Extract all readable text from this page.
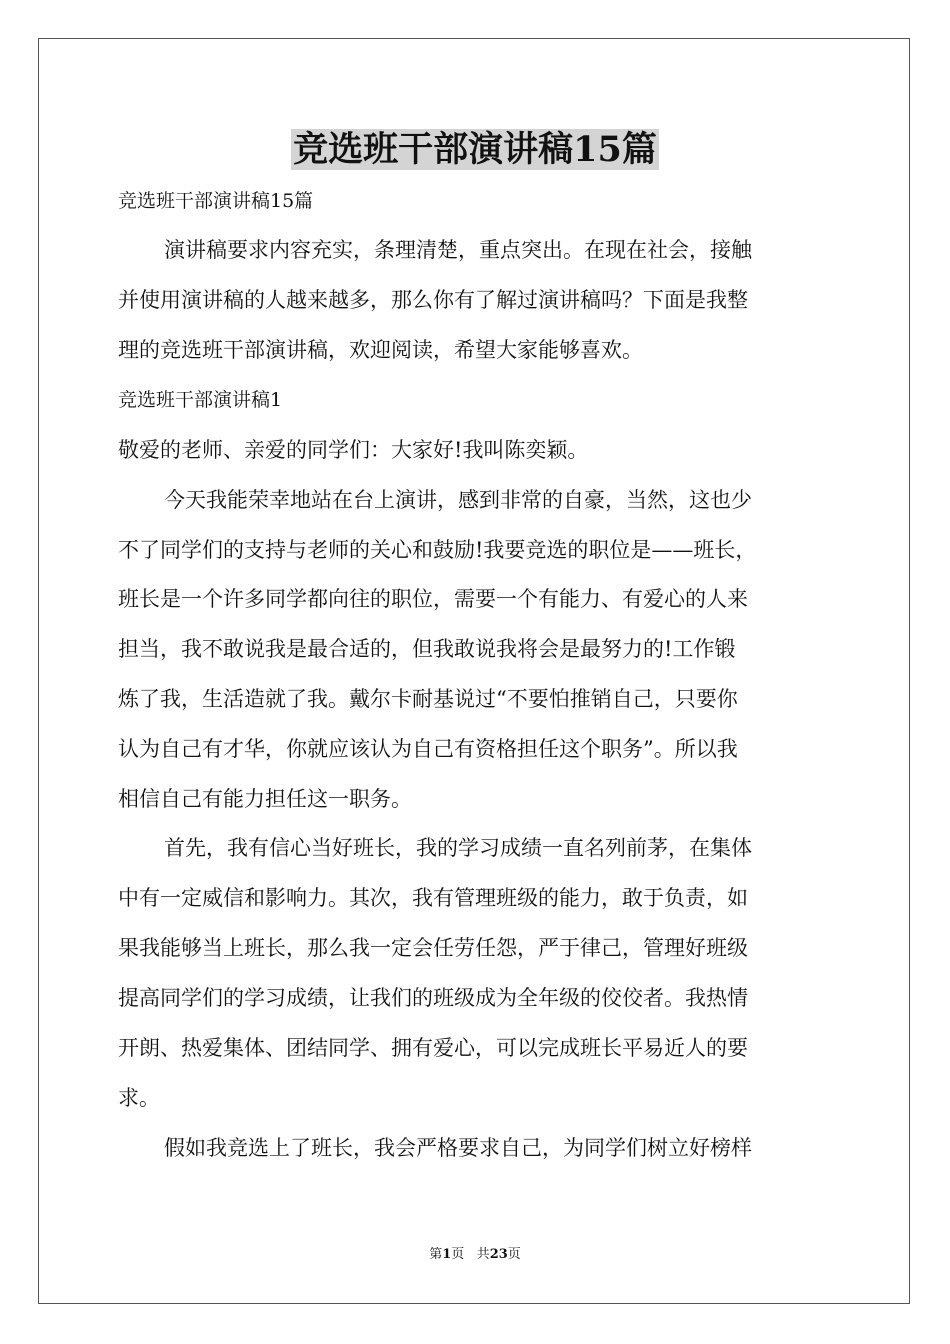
竞选班干部演讲稿15篇

竞选班干部演讲稿15篇

演讲稿要求内容充实，条理清楚，重点突出。在现在社会，接触

并使用演讲稿的人越来越多，那么你有了解过演讲稿吗？下面是我整

理的竞选班干部演讲稿，欢迎阅读，希望大家能够喜欢。

竞选班干部演讲稿1

敬爱的老师、亲爱的同学们：大家好!我叫陈奕颖。

今天我能荣幸地站在台上演讲，感到非常的自豪，当然，这也少

不了同学们的支持与老师的关心和鼓励!我要竞选的职位是——班长，

班长是一个许多同学都向往的职位，需要一个有能力、有爱心的人来

担当，我不敢说我是最合适的，但我敢说我将会是最努力的!工作锻

炼了我，生活造就了我。戴尔卡耐基说过“不要怕推销自己，只要你

认为自己有才华，你就应该认为自己有资格担任这个职务”。所以我

相信自己有能力担任这一职务。

首先，我有信心当好班长，我的学习成绩一直名列前茅，在集体

中有一定威信和影响力。其次，我有管理班级的能力，敢于负责，如

果我能够当上班长，那么我一定会任劳任怨，严于律己，管理好班级

提高同学们的学习成绩，让我们的班级成为全年级的佼佼者。我热情

开朗、热爱集体、团结同学、拥有爱心，可以完成班长平易近人的要

求。

假如我竞选上了班长，我会严格要求自己，为同学们树立好榜样

第1页 共23页
